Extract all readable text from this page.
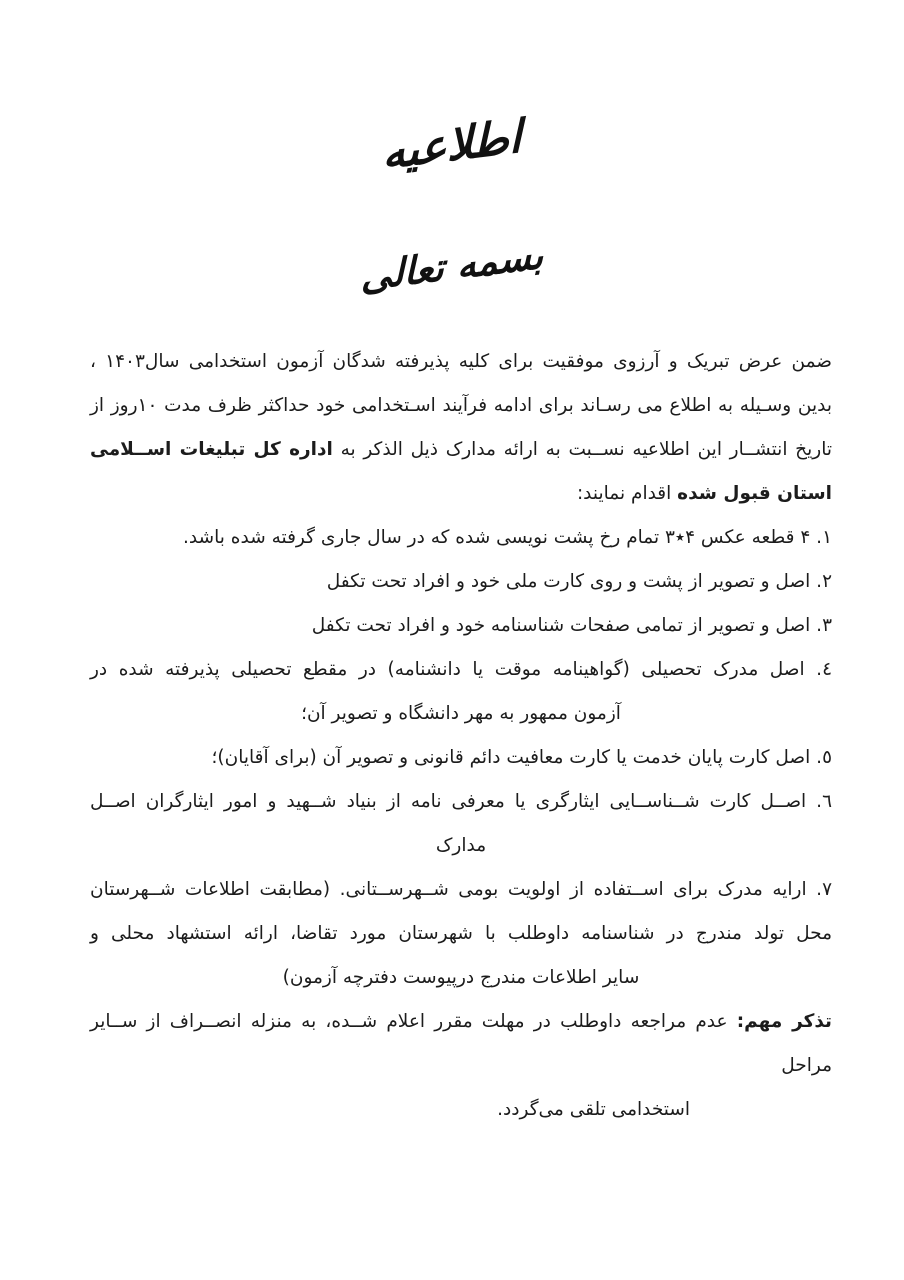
اطلاعیه
بسمه تعالی
ضمن عرض تبریک و آرزوی موفقیت برای کلیه پذیرفته شدگان آزمون استخدامی سال۱۴۰۳ ،
بدین وسـیله به اطلاع می رسـاند برای ادامه فرآیند اسـتخدامی خود حداکثر ظرف مدت ۱۰روز از
تاریخ انتشــار این اطلاعیه نســبت به ارائه مدارک ذیل الذکر به اداره کل تبلیغات اســلامی
استان قبول شده اقدام نمایند:
۱. ۴ قطعه عکس ۴٭۳ تمام رخ پشت نویسی شده که در سال جاری گرفته شده باشد.
۲. اصل و تصویر از پشت و روی کارت ملی خود و افراد تحت تکفل
۳. اصل و تصویر از تمامی صفحات شناسنامه خود و افراد تحت تکفل
٤. اصل مدرک تحصیلی (گواهینامه موقت یا دانشنامه) در مقطع تحصیلی پذیرفته شده در
آزمون ممهور به مهر دانشگاه و تصویر آن؛
٥. اصل کارت پایان خدمت یا کارت معافیت دائم قانونی و تصویر آن (برای آقایان)؛
٦. اصــل کارت شــناســایی ایثارگری یا معرفی نامه از بنیاد شــهید و امور ایثارگران اصــل
مدارک
۷. ارایه مدرک برای اســتفاده از اولویت بومی شــهرســتانی. (مطابقت اطلاعات شــهرستان
محل تولد مندرج در شناسنامه داوطلب با شهرستان مورد تقاضا، ارائه استشهاد محلی و
سایر اطلاعات مندرج درپیوست دفترچه آزمون)
تذکر مهم: عدم مراجعه داوطلب در مهلت مقرر اعلام شــده، به منزله انصــراف از ســایر مراحل
استخدامی تلقی می‌گردد.
